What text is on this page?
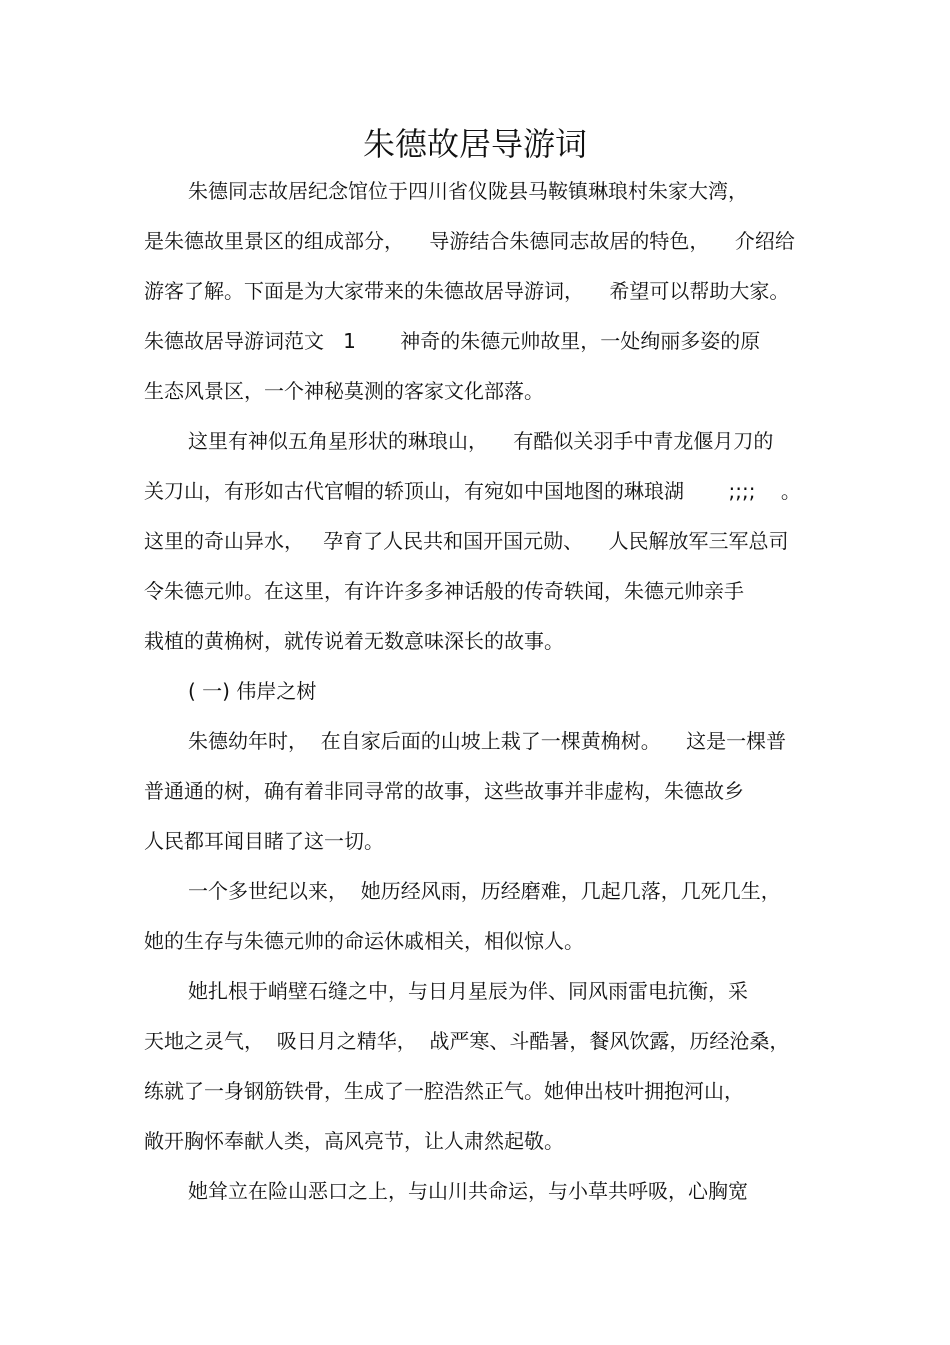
朱德故居导游词
朱德同志故居纪念馆位于四川省仪陇县马鞍镇琳琅村朱家大湾，
是朱德故里景区的组成部分，    导游结合朱德同志故居的特色，    介绍给
游客了解。下面是为大家带来的朱德故居导游词，    希望可以帮助大家。
朱德故居导游词范文   1       神奇的朱德元帅故里，一处绚丽多姿的原
生态风景区，一个神秘莫测的客家文化部落。
这里有神似五角星形状的琳琅山，    有酷似关羽手中青龙偃月刀的
关刀山，有形如古代官帽的轿顶山，有宛如中国地图的琳琅湖       ;;;;    。
这里的奇山异水，   孕育了人民共和国开国元勋、    人民解放军三军总司
令朱德元帅。在这里，有许许多多神话般的传奇轶闻，朱德元帅亲手
栽植的黄桷树，就传说着无数意味深长的故事。
( 一) 伟岸之树
朱德幼年时，  在自家后面的山坡上栽了一棵黄桷树。    这是一棵普
普通通的树，确有着非同寻常的故事，这些故事并非虚构，朱德故乡
人民都耳闻目睹了这一切。
一个多世纪以来，  她历经风雨，历经磨难，几起几落，几死几生，
她的生存与朱德元帅的命运休戚相关，相似惊人。
她扎根于峭壁石缝之中，与日月星辰为伴、同风雨雷电抗衡，采
天地之灵气，  吸日月之精华，  战严寒、斗酷暑，餐风饮露，历经沧桑，
练就了一身钢筋铁骨，生成了一腔浩然正气。她伸出枝叶拥抱河山，
敞开胸怀奉献人类，高风亮节，让人肃然起敬。
她耸立在险山恶口之上，与山川共命运，与小草共呼吸，心胸宽
